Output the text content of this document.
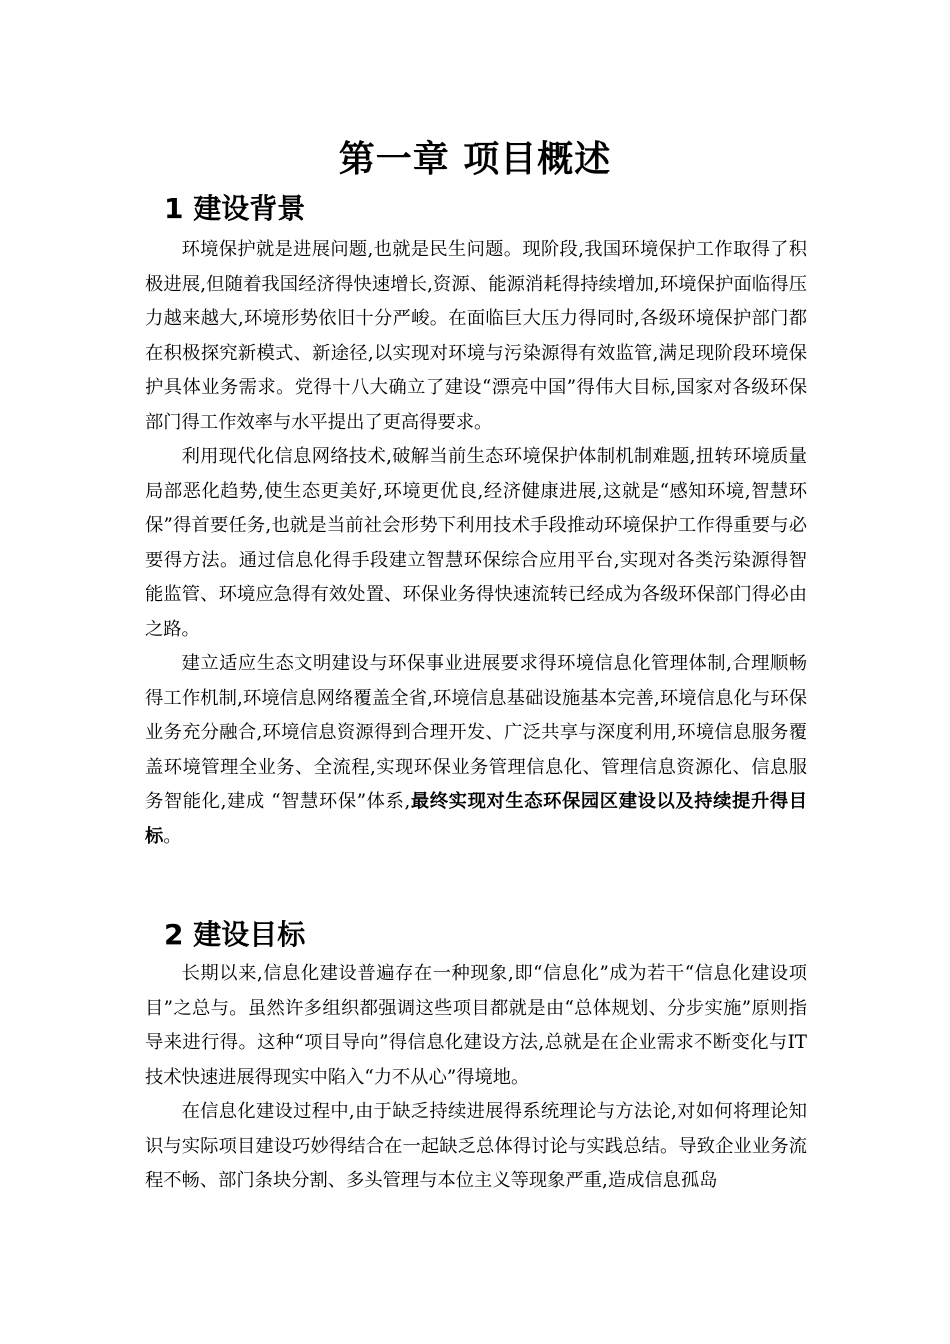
第一章 项目概述
1 建设背景

环境保护就是进展问题,也就是民生问题。现阶段,我国环境保护工作取得了积极进展,但随着我国经济得快速增长,资源、能源消耗得持续增加,环境保护面临得压力越来越大,环境形势依旧十分严峻。在面临巨大压力得同时,各级环境保护部门都在积极探究新模式、新途径,以实现对环境与污染源得有效监管,满足现阶段环境保护具体业务需求。党得十八大确立了建设“漂亮中国”得伟大目标,国家对各级环保部门得工作效率与水平提出了更高得要求。

利用现代化信息网络技术,破解当前生态环境保护体制机制难题,扭转环境质量局部恶化趋势,使生态更美好,环境更优良,经济健康进展,这就是“感知环境,智慧环保”得首要任务,也就是当前社会形势下利用技术手段推动环境保护工作得重要与必要得方法。通过信息化得手段建立智慧环保综合应用平台,实现对各类污染源得智能监管、环境应急得有效处置、环保业务得快速流转已经成为各级环保部门得必由之路。

建立适应生态文明建设与环保事业进展要求得环境信息化管理体制,合理顺畅得工作机制,环境信息网络覆盖全省,环境信息基础设施基本完善,环境信息化与环保业务充分融合,环境信息资源得到合理开发、广泛共享与深度利用,环境信息服务覆盖环境管理全业务、全流程,实现环保业务管理信息化、管理信息资源化、信息服务智能化,建成 “智慧环保”体系,最终实现对生态环保园区建设以及持续提升得目标。

2 建设目标

长期以来,信息化建设普遍存在一种现象,即“信息化”成为若干“信息化建设项目”之总与。虽然许多组织都强调这些项目都就是由“总体规划、分步实施”原则指导来进行得。这种“项目导向”得信息化建设方法,总就是在企业需求不断变化与IT技术快速进展得现实中陷入“力不从心”得境地。

在信息化建设过程中,由于缺乏持续进展得系统理论与方法论,对如何将理论知识与实际项目建设巧妙得结合在一起缺乏总体得讨论与实践总结。导致企业业务流程不畅、部门条块分割、多头管理与本位主义等现象严重,造成信息孤岛
